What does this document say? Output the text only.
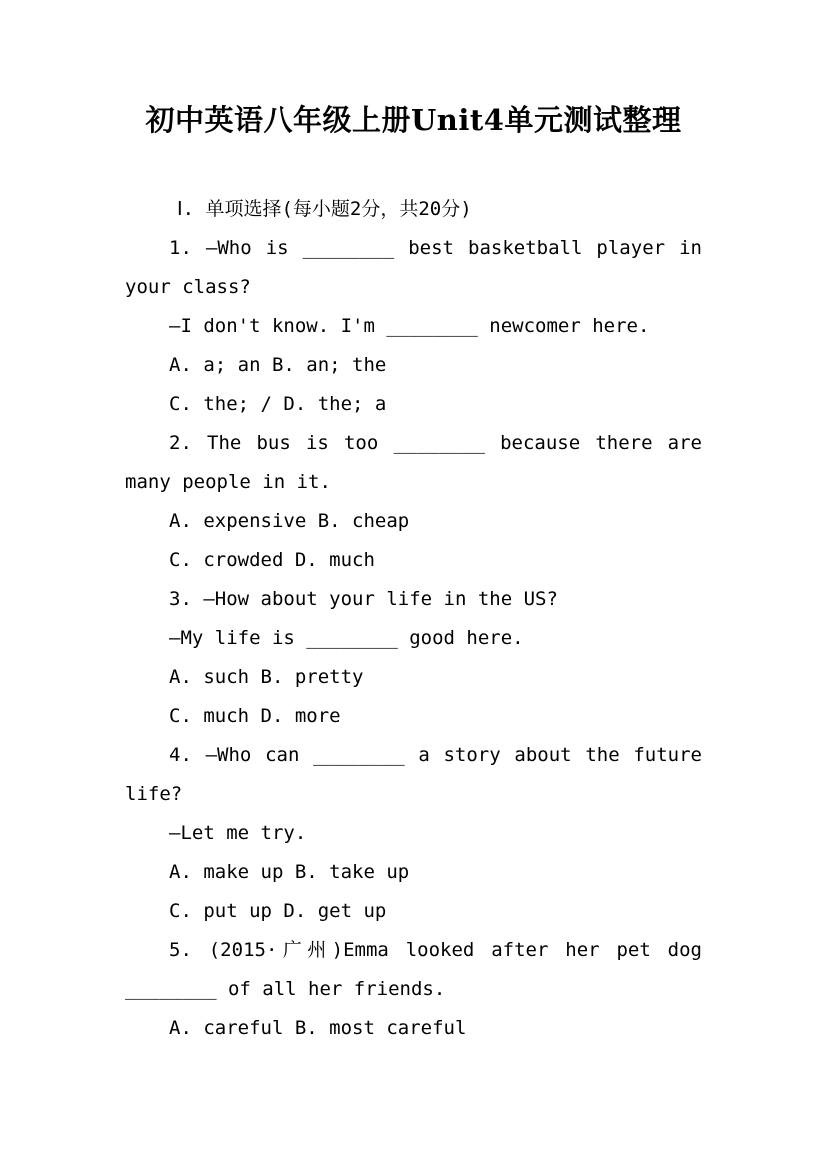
初中英语八年级上册Unit4单元测试整理
Ⅰ. 单项选择(每小题2分，共20分)
1. —Who is ________ best basketball player in
your class?
—I don't know. I'm ________ newcomer here.
A. a; an B. an; the
C. the; / D. the; a
2. The bus is too ________ because there are
many people in it.
A. expensive B. cheap
C. crowded D. much
3. —How about your life in the US?
—My life is ________ good here.
A. such B. pretty
C. much D. more
4. —Who can ________ a story about the future
life?
—Let me try.
A. make up B. take up
C. put up D. get up
5. (2015·广州)Emma looked after her pet dog
________ of all her friends.
A. careful B. most careful
